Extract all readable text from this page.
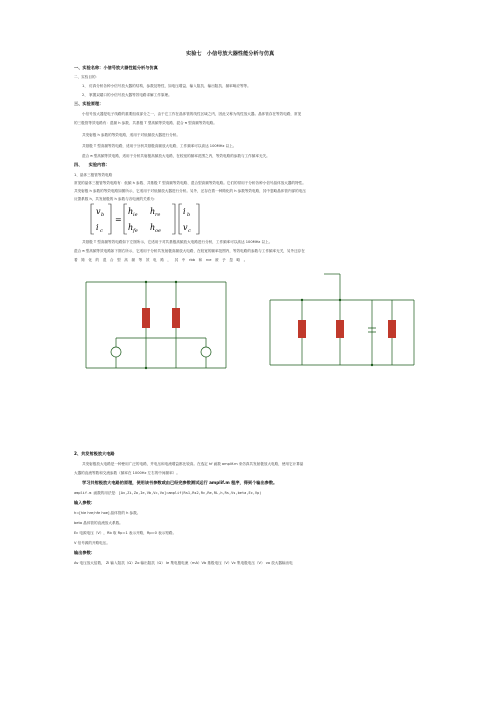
实验七　小信号放大器性能分析与仿真
一、实验名称：小信号放大器性能分析与仿真
二、实验目的：
1、 仿真分析各种小信号放大器的结构，参数及特性，如电压增益、输入阻抗、输出阻抗、频率响应等等。
2、 掌握双端口的小信号放大器等效电路求解工作原理。
三、实验原理：
小信号放大器是电子线路的重要组成部分之一，由于它工作在晶体管的线性区域之内，因此又称为线性放大器。晶体管存在等效电路，常见
的三极管等效电路有：混频 h 参数、共基极 T 型高频等效电路、混合 π 型高频等效电路。
共发射极 h 参数的等效电路，适用于对低频放大器进行分析。
共基极 T 型高频等效电路，适用于分析共基极高频放大电路，工作频率可以高达 100MHz 以上。
混合 π 型高频等效电路，适用于分析共射极高频放大电路，在较宽的频率范围之内，等效电路的参数与工作频率无关。
四、　　实验内容：
1、晶体三极管等效电路
常见的晶体三极管等效电路有：低频 h 参数、共基极 T 型高频等效电路、混合型高频等效电路。它们的常用于分析各种小信号晶体放大器的特性。
共发射极 h 参数的等效电路如图所示，它适用于对低频放大器进行分析。另外，还存在着一种简化的 h 参数等效电路，其中忽略晶体管内部的电压
反馈系数 h，共发射极的 h 参数与各电流的关系为：
v b
i c
=
h ie h re
h fe h oe
i b
v c
共基极 T 型高频等效电路如下左图所示，它适用于对共基极高频放大电路进行分析，工作频率可以高达 100MHz 以上。
混合 π 型高频等效电路如下图右所示，它适用于分析共发射极高频放大电路，在较宽的频率范围内，等效电路的参数与工作频率无关，另外还存在
着　简　化　的　混　合　型　高　频　等　效　电　路　，　其　中　rbb　和　rce　被　予　忽　略　。
2、共发射极放大电路
共发射极放大电路是一种使用广泛的电路，并电压和电流增益都比较高。在选定 hf 函数 amplif.m 来仿真共发射极放大电路，使用它计算晶
大器的直流等数和交流参数（频率在 1000Hz 左右的中间频率）。
学习共射极放大电路的原理，使用该书参数或由已经完参数测试运行 amplif.m 程序，得到个输出参数。
amplif.m 函数的用法是：[Av,Zi,Zo,Ie,Vb,Vc,Vo]=amplif(Rs1,Rs2,Rc,Re,RL,h,Rs,Vs,beta,Ec,Vp)
输入参数：
h=[hie hre;hfe hoe] 晶体管的 h 参数。
beta 晶体管的直流放大系数。
Ec 电源电压（V），Rb 取 Rp=1 表示开路，Rp=0 表示短路。
V 信号源的开路电压。
输出参数：
Av 电压放大倍数， Zi 输入阻抗（Ω）Zo 输出阻抗（Ω） Ie 集电极电流（mA）Vb 基极电压（V）Vc 集电极电压（V） vo 放大器输出电
